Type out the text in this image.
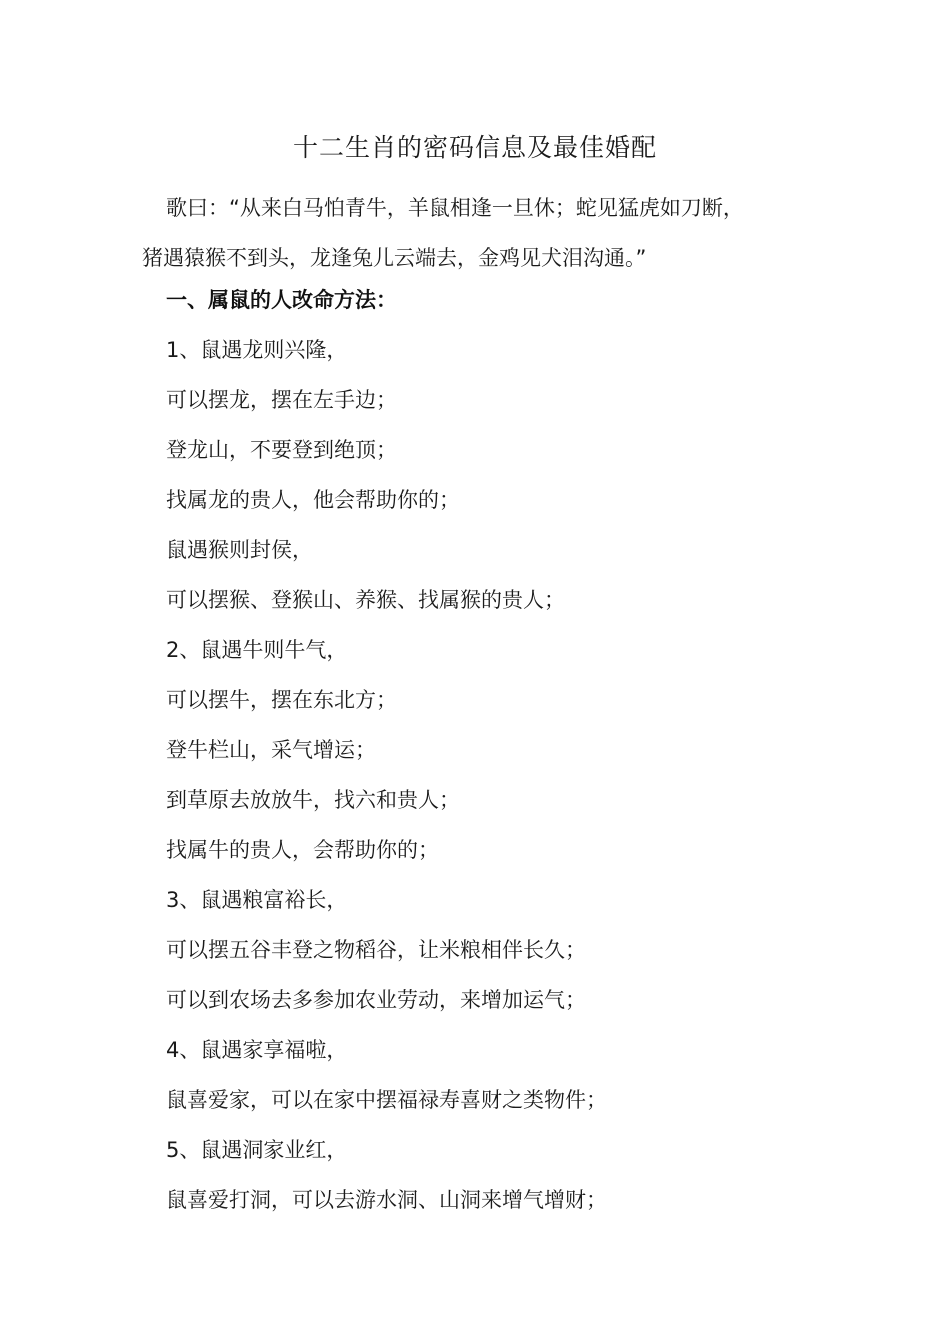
十二生肖的密码信息及最佳婚配

歌曰：“从来白马怕青牛，羊鼠相逢一旦休；蛇见猛虎如刀断，
猪遇猿猴不到头，龙逢兔儿云端去，金鸡见犬泪沟通。”

一、属鼠的人改命方法：
1、鼠遇龙则兴隆，
可以摆龙，摆在左手边；
登龙山，不要登到绝顶；
找属龙的贵人，他会帮助你的；
鼠遇猴则封侯，
可以摆猴、登猴山、养猴、找属猴的贵人；
2、鼠遇牛则牛气，
可以摆牛，摆在东北方；
登牛栏山，采气增运；
到草原去放放牛，找六和贵人；
找属牛的贵人，会帮助你的；
3、鼠遇粮富裕长，
可以摆五谷丰登之物稻谷，让米粮相伴长久；
可以到农场去多参加农业劳动，来增加运气；
4、鼠遇家享福啦，
鼠喜爱家，可以在家中摆福禄寿喜财之类物件；
5、鼠遇洞家业红，
鼠喜爱打洞，可以去游水洞、山洞来增气增财；
